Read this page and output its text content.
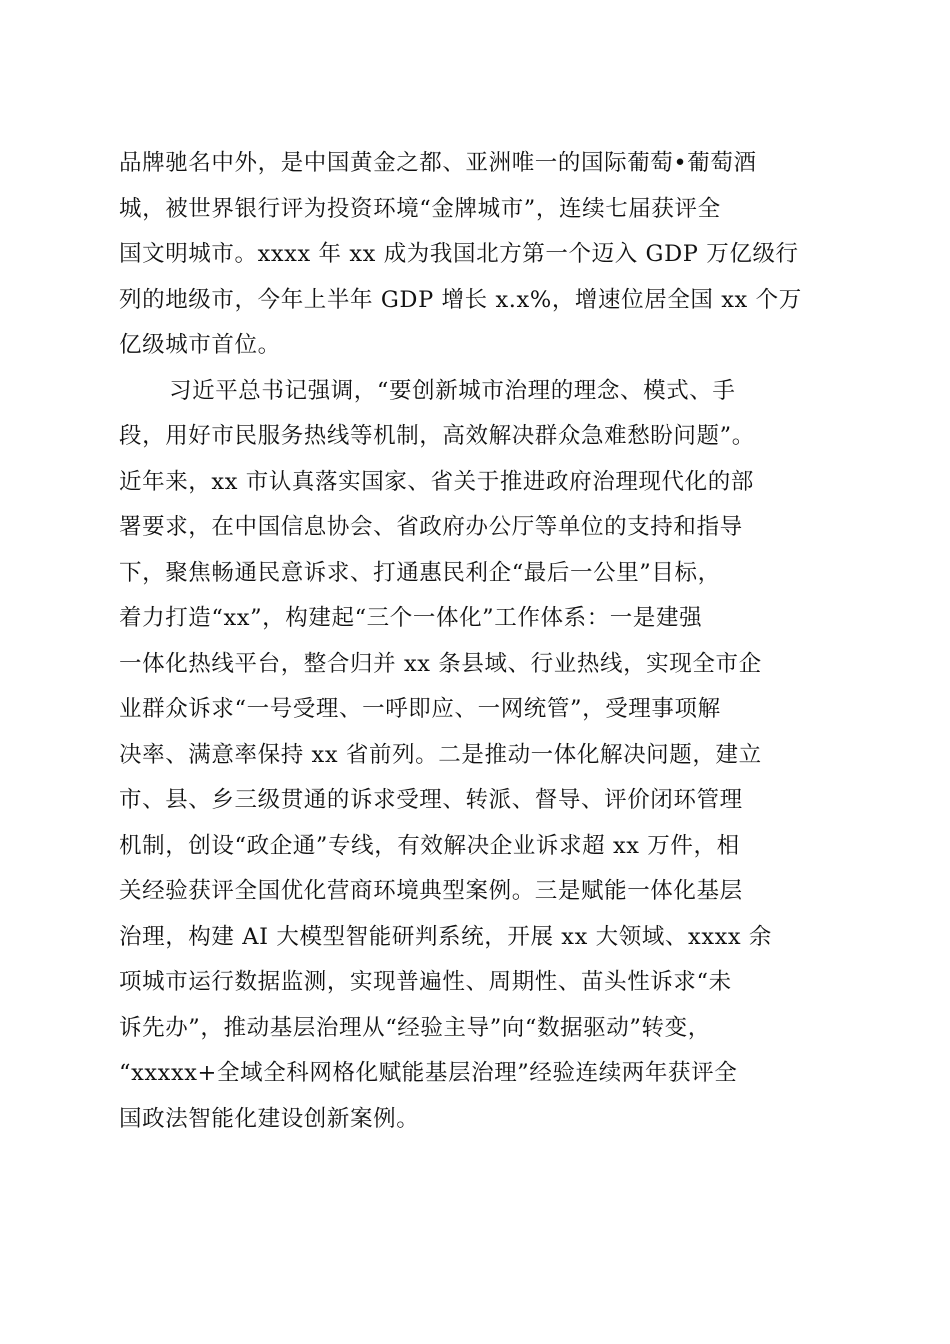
品牌驰名中外，是中国黄金之都、亚洲唯一的国际葡萄•葡萄酒

城，被世界银行评为投资环境“金牌城市”，连续七届获评全

国文明城市。xxxx 年 xx 成为我国北方第一个迈入 GDP 万亿级行

列的地级市，今年上半年 GDP 增长 x.x%，增速位居全国 xx 个万

亿级城市首位。

习近平总书记强调，“要创新城市治理的理念、模式、手

段，用好市民服务热线等机制，高效解决群众急难愁盼问题”。

近年来，xx 市认真落实国家、省关于推进政府治理现代化的部

署要求，在中国信息协会、省政府办公厅等单位的支持和指导

下，聚焦畅通民意诉求、打通惠民利企“最后一公里”目标，

着力打造“xx”，构建起“三个一体化”工作体系：一是建强

一体化热线平台，整合归并 xx 条县域、行业热线，实现全市企

业群众诉求“一号受理、一呼即应、一网统管”，受理事项解

决率、满意率保持 xx 省前列。二是推动一体化解决问题，建立

市、县、乡三级贯通的诉求受理、转派、督导、评价闭环管理

机制，创设“政企通”专线，有效解决企业诉求超 xx 万件，相

关经验获评全国优化营商环境典型案例。三是赋能一体化基层

治理，构建 AI 大模型智能研判系统，开展 xx 大领域、xxxx 余

项城市运行数据监测，实现普遍性、周期性、苗头性诉求“未

诉先办”，推动基层治理从“经验主导”向“数据驱动”转变，

“xxxxx+全域全科网格化赋能基层治理”经验连续两年获评全

国政法智能化建设创新案例。
